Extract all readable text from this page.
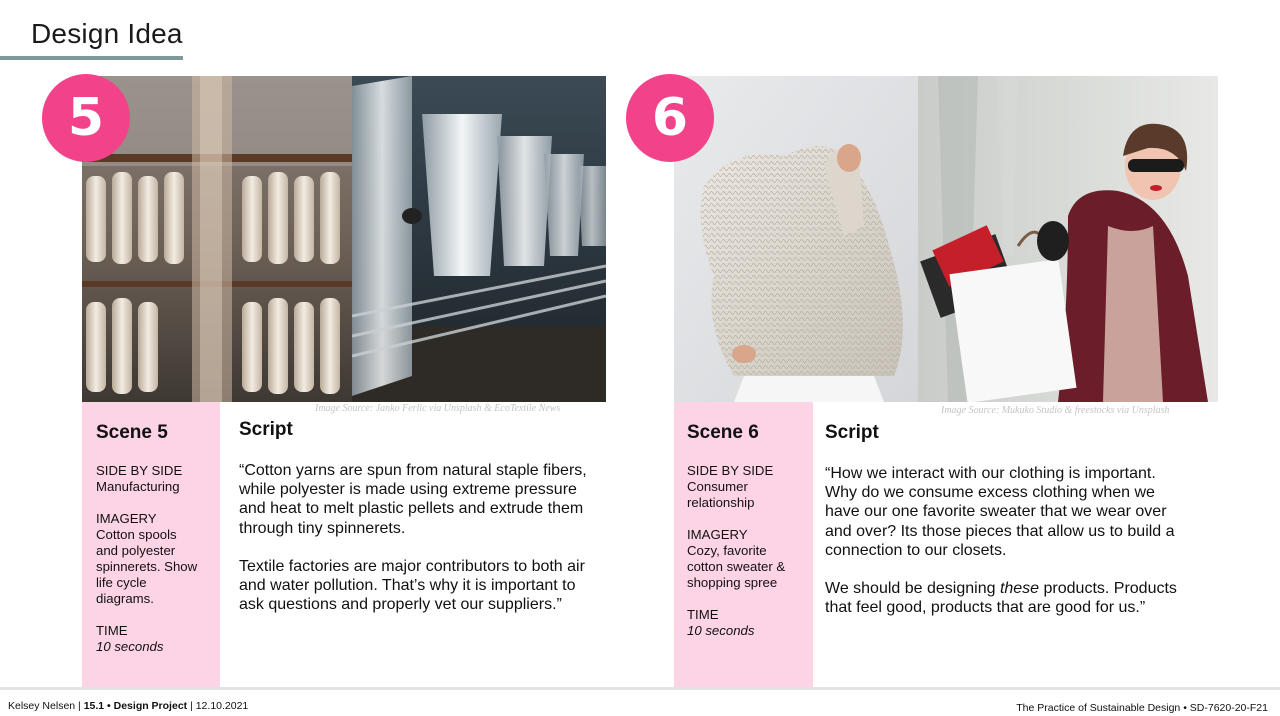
Design Idea
5
Image Source: Janko Ferlic via Unsplash & EcoTextile News
Scene 5
SIDE BY SIDE
Manufacturing
IMAGERY
Cotton spools
and polyester
spinnerets. Show
life cycle
diagrams.
TIME
10 seconds
Script
“Cotton yarns are spun from natural staple fibers,
while polyester is made using extreme pressure
and heat to melt plastic pellets and extrude them
through tiny spinnerets.
Textile factories are major contributors to both air
and water pollution. That’s why it is important to
ask questions and properly vet our suppliers.”
6
Image Source: Mukuko Studio & freestocks via Unsplash
Scene 6
SIDE BY SIDE
Consumer
relationship
IMAGERY
Cozy, favorite
cotton sweater &
shopping spree
TIME
10 seconds
Script
“How we interact with our clothing is important.
Why do we consume excess clothing when we
have our one favorite sweater that we wear over
and over? Its those pieces that allow us to build a
connection to our closets.
We should be designing these products. Products
that feel good, products that are good for us.”
Kelsey Nelsen | 15.1 • Design Project | 12.10.2021	The Practice of Sustainable Design • SD-7620-20-F21
